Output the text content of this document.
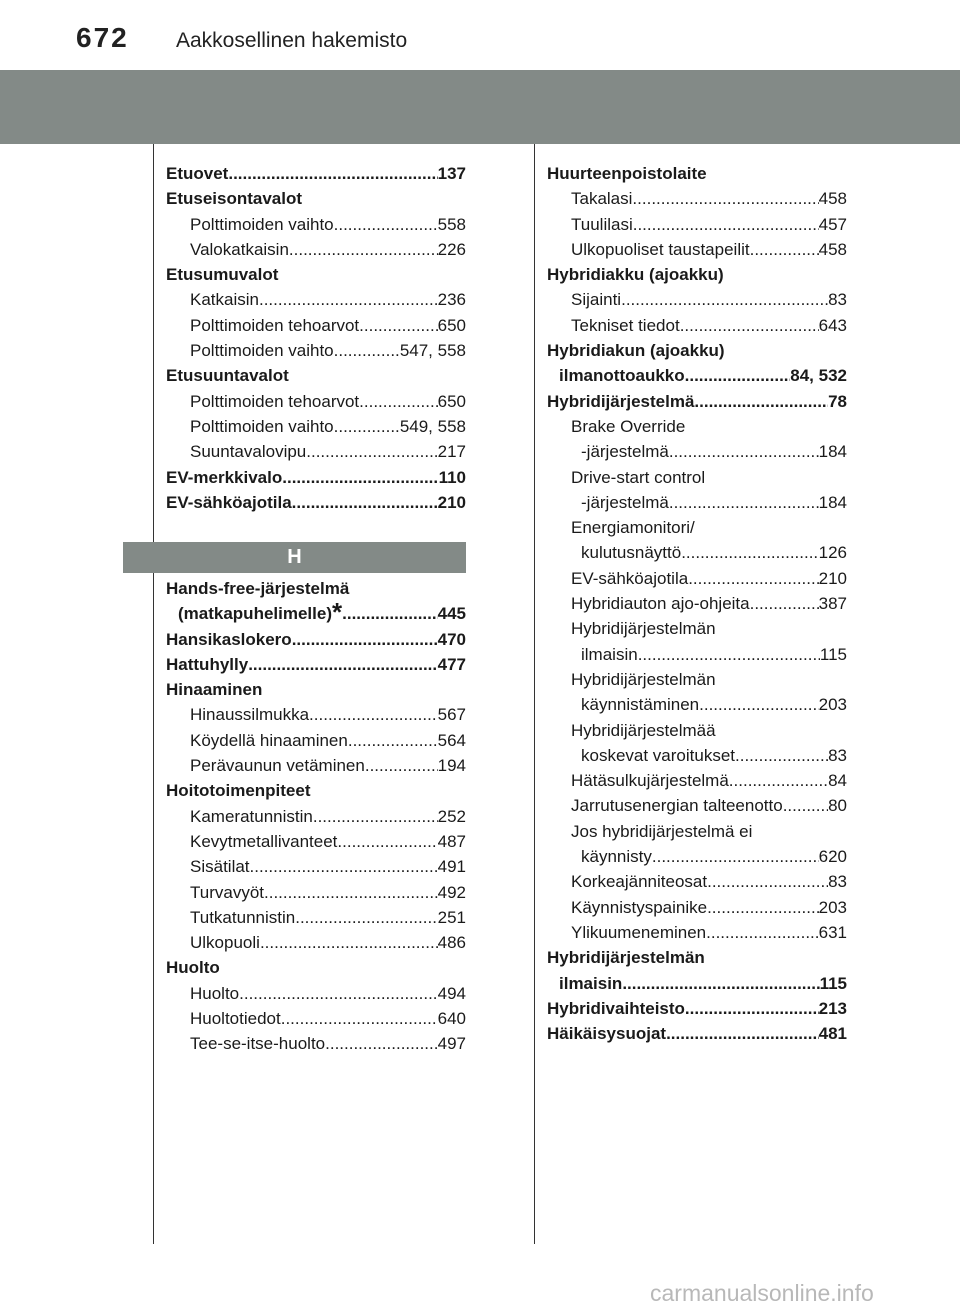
672 Aakkosellinen hakemisto
Etuovet .....	137
Etuseisontavalot
Polttimoiden vaihto .....	558
Valokatkaisin .....	226
Etusumuvalot
Katkaisin .....	236
Polttimoiden tehoarvot .....	650
Polttimoiden vaihto .....	547, 558
Etusuuntavalot
Polttimoiden tehoarvot .....	650
Polttimoiden vaihto .....	549, 558
Suuntavalovipu .....	217
EV-merkkivalo .....	110
EV-sähköajotila .....	210
H
Hands-free-järjestelmä
(matkapuhelimelle)* .....	445
Hansikaslokero .....	470
Hattuhylly .....	477
Hinaaminen
Hinaussilmukka .....	567
Köydellä hinaaminen .....	564
Perävaunun vetäminen .....	194
Hoitotoimenpiteet
Kameratunnistin .....	252
Kevytmetallivanteet .....	487
Sisätilat .....	491
Turvavyöt .....	492
Tutkatunnistin .....	251
Ulkopuoli .....	486
Huolto
Huolto .....	494
Huoltotiedot .....	640
Tee-se-itse-huolto .....	497
Huurteenpoistolaite
Takalasi .....	458
Tuulilasi .....	457
Ulkopuoliset taustapeilit .....	458
Hybridiakku (ajoakku)
Sijainti .....	83
Tekniset tiedot .....	643
Hybridiakun (ajoakku)
ilmanottoaukko .....	84, 532
Hybridijärjestelmä .....	78
Brake Override
-järjestelmä .....	184
Drive-start control
-järjestelmä .....	184
Energiamonitori/
kulutusnäyttö .....	126
EV-sähköajotila .....	210
Hybridiauton ajo-ohjeita .....	387
Hybridijärjestelmän
ilmaisin .....	115
Hybridijärjestelmän
käynnistäminen .....	203
Hybridijärjestelmää
koskevat varoitukset .....	83
Hätäsulkujärjestelmä .....	84
Jarrutusenergian talteenotto .....	80
Jos hybridijärjestelmä ei
käynnisty .....	620
Korkeajänniteosat .....	83
Käynnistyspainike .....	203
Ylikuumeneminen .....	631
Hybridijärjestelmän
ilmaisin .....	115
Hybridivaihteisto .....	213
Häikäisysuojat .....	481
carmanualsonline.info
